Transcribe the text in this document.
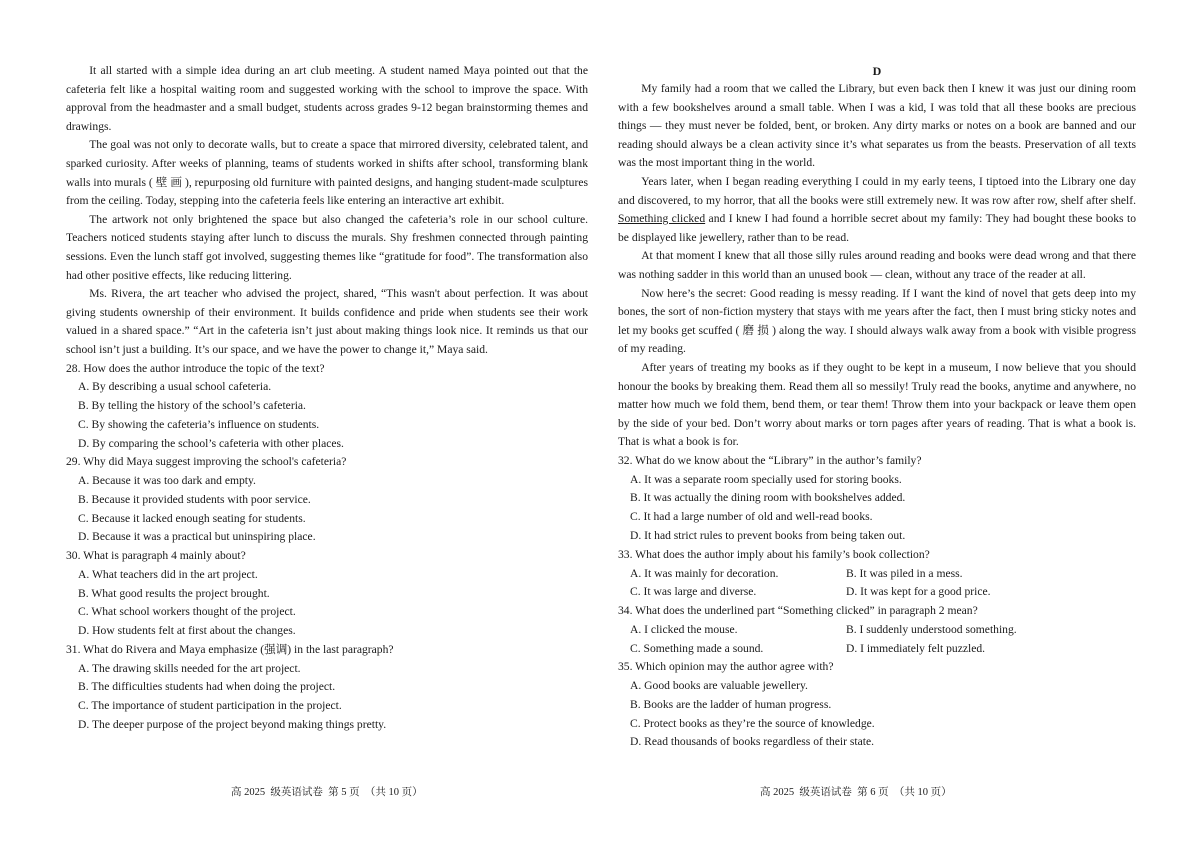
It all started with a simple idea during an art club meeting. A student named Maya pointed out that the cafeteria felt like a hospital waiting room and suggested working with the school to improve the space. With approval from the headmaster and a small budget, students across grades 9-12 began brainstorming themes and drawings.

The goal was not only to decorate walls, but to create a space that mirrored diversity, celebrated talent, and sparked curiosity. After weeks of planning, teams of students worked in shifts after school, transforming blank walls into murals ( 壁 画 ), repurposing old furniture with painted designs, and hanging student-made sculptures from the ceiling. Today, stepping into the cafeteria feels like entering an interactive art exhibit.

The artwork not only brightened the space but also changed the cafeteria’s role in our school culture. Teachers noticed students staying after lunch to discuss the murals. Shy freshmen connected through painting sessions. Even the lunch staff got involved, suggesting themes like “gratitude for food”. The transformation also had other positive effects, like reducing littering.

Ms. Rivera, the art teacher who advised the project, shared, “This wasn't about perfection. It was about giving students ownership of their environment. It builds confidence and pride when students see their work valued in a shared space.” “Art in the cafeteria isn’t just about making things look nice. It reminds us that our school isn’t just a building. It’s our space, and we have the power to change it,” Maya said.

28. How does the author introduce the topic of the text?

A. By describing a usual school cafeteria.

B. By telling the history of the school’s cafeteria.

C. By showing the cafeteria’s influence on students.

D. By comparing the school’s cafeteria with other places.

29. Why did Maya suggest improving the school's cafeteria?

A. Because it was too dark and empty.

B. Because it provided students with poor service.

C. Because it lacked enough seating for students.

D. Because it was a practical but uninspiring place.

30. What is paragraph 4 mainly about?

A. What teachers did in the art project.

B. What good results the project brought.

C. What school workers thought of the project.

D. How students felt at first about the changes.

31. What do Rivera and Maya emphasize (强调) in the last paragraph?

A. The drawing skills needed for the art project.

B. The difficulties students had when doing the project.

C. The importance of student participation in the project.

D. The deeper purpose of the project beyond making things pretty.

D

My family had a room that we called the Library, but even back then I knew it was just our dining room with a few bookshelves around a small table. When I was a kid, I was told that all these books are precious things — they must never be folded, bent, or broken. Any dirty marks or notes on a book are banned and our reading should always be a clean activity since it’s what separates us from the beasts. Preservation of all texts was the most important thing in the world.

Years later, when I began reading everything I could in my early teens, I tiptoed into the Library one day and discovered, to my horror, that all the books were still extremely new. It was row after row, shelf after shelf. Something clicked and I knew I had found a horrible secret about my family: They had bought these books to be displayed like jewellery, rather than to be read.

At that moment I knew that all those silly rules around reading and books were dead wrong and that there was nothing sadder in this world than an unused book — clean, without any trace of the reader at all.

Now here’s the secret: Good reading is messy reading. If I want the kind of novel that gets deep into my bones, the sort of non-fiction mystery that stays with me years after the fact, then I must bring sticky notes and let my books get scuffed ( 磨 损 ) along the way. I should always walk away from a book with visible progress of my reading.

After years of treating my books as if they ought to be kept in a museum, I now believe that you should honour the books by breaking them. Read them all so messily! Truly read the books, anytime and anywhere, no matter how much we fold them, bend them, or tear them! Throw them into your backpack or leave them open by the side of your bed. Don’t worry about marks or torn pages after years of reading. That is what a book is. That is what a book is for.

32. What do we know about the “Library” in the author’s family?

A. It was a separate room specially used for storing books.

B. It was actually the dining room with bookshelves added.

C. It had a large number of old and well-read books.

D. It had strict rules to prevent books from being taken out.

33. What does the author imply about his family’s book collection?

A. It was mainly for decoration.	B. It was piled in a mess.

C. It was large and diverse.	D. It was kept for a good price.

34. What does the underlined part “Something clicked” in paragraph 2 mean?

A. I clicked the mouse.	B. I suddenly understood something.

C. Something made a sound.	D. I immediately felt puzzled.

35. Which opinion may the author agree with?

A. Good books are valuable jewellery.

B. Books are the ladder of human progress.

C. Protect books as they’re the source of knowledge.

D. Read thousands of books regardless of their state.

高 2025  级英语试卷  第 5 页  （共 10 页）	高 2025  级英语试卷  第 6 页  （共 10 页）
